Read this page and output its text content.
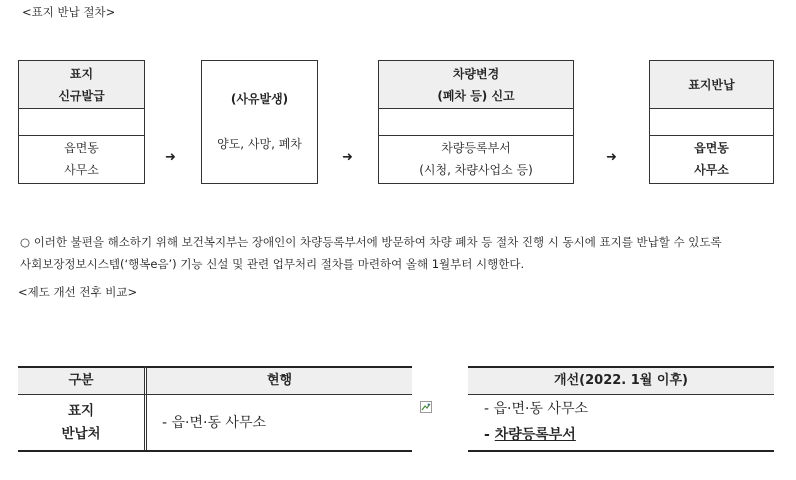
<표지 반납 절차>
표지
신규발급
읍면동
사무소
➜
(사유발생)
양도, 사망, 폐차
➜
차량변경
(폐차 등) 신고
차량등록부서
(시청, 차량사업소 등)
➜
표지반납
읍면동
사무소
○ 이러한 불편을 해소하기 위해 보건복지부는 장애인이 차량등록부서에 방문하여 차량 폐차 등 절차 진행 시 동시에 표지를 반납할 수 있도록
사회보장정보시스템(‘행복e음’) 기능 신설 및 관련 업무처리 절차를 마련하여 올해 1월부터 시행한다.
<제도 개선 전후 비교>
구분	현행
표지
반납처
- 읍·면·동 사무소
개선(2022. 1월 이후)
- 읍·면·동 사무소
- 차량등록부서
